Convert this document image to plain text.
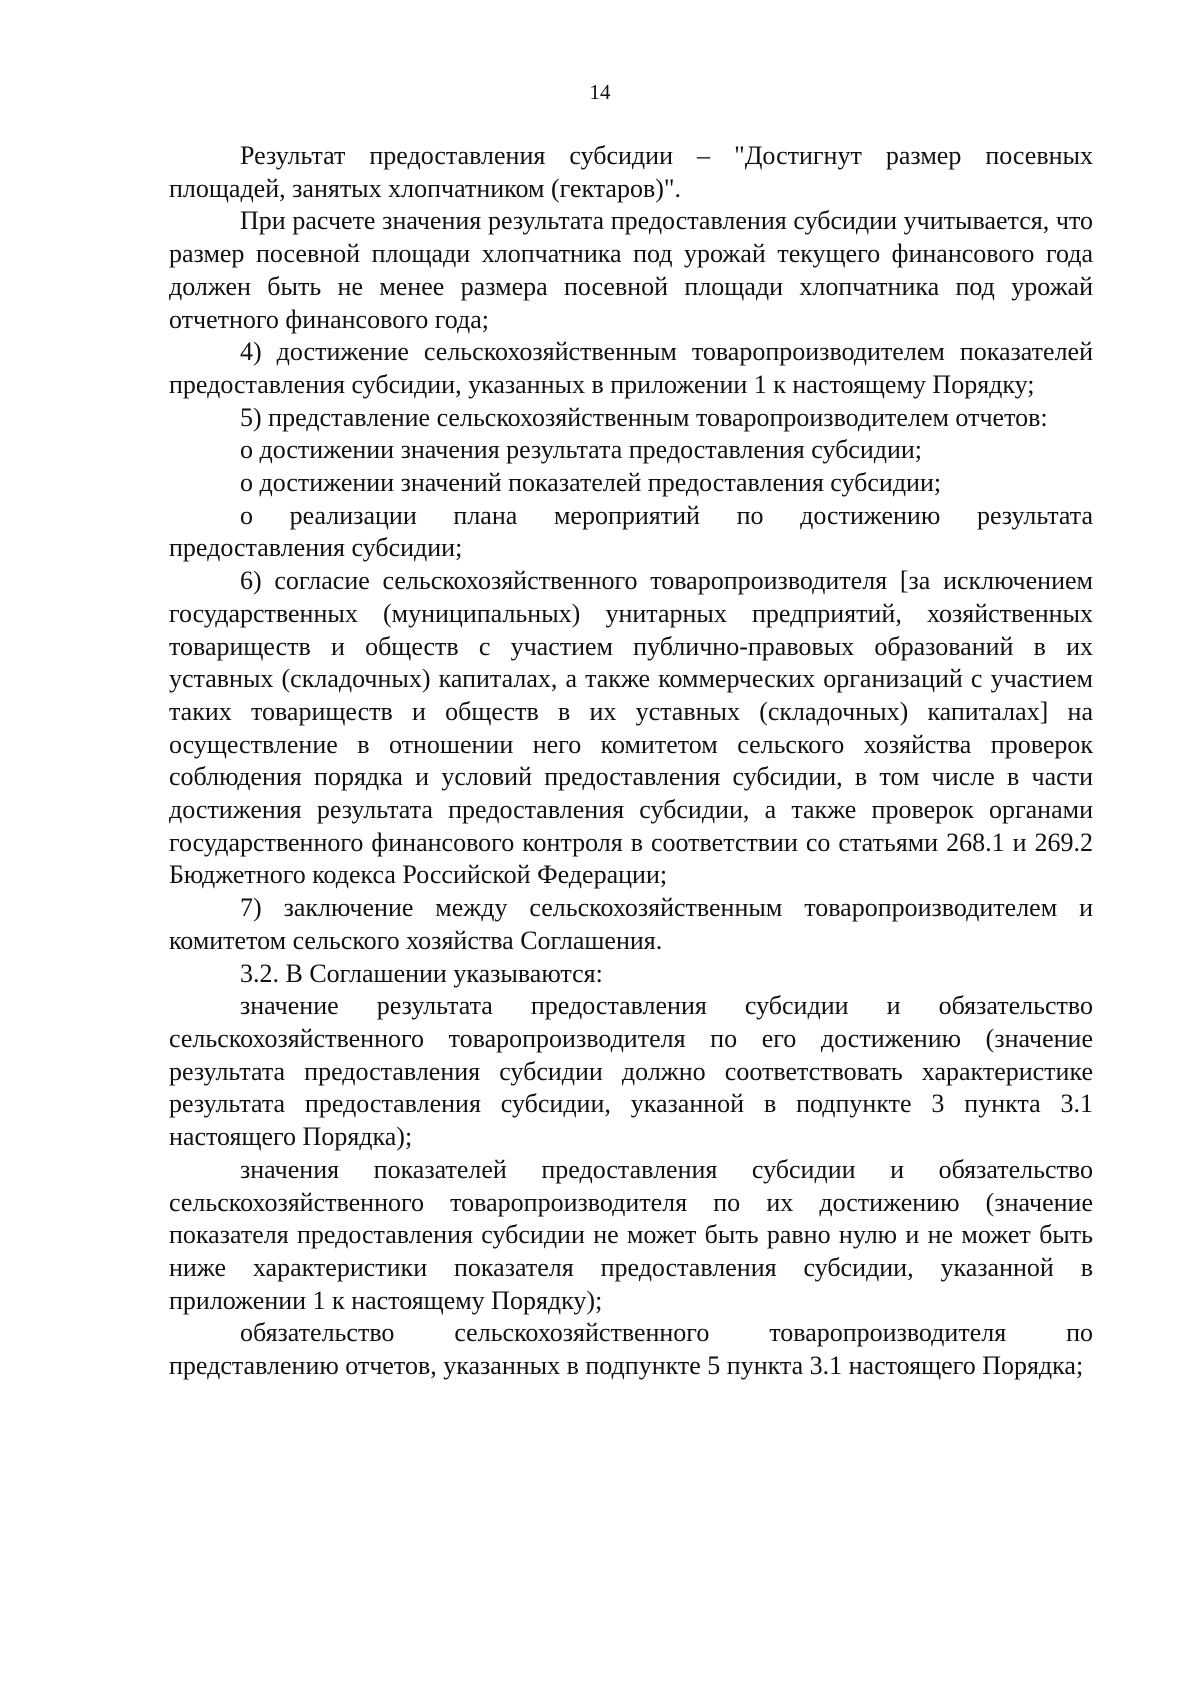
14

Результат предоставления субсидии – "Достигнут размер посевных площадей, занятых хлопчатником (гектаров)".

При расчете значения результата предоставления субсидии учитывается, что размер посевной площади хлопчатника под урожай текущего финансового года должен быть не менее размера посевной площади хлопчатника под урожай отчетного финансового года;

4) достижение сельскохозяйственным товаропроизводителем показателей предоставления субсидии, указанных в приложении 1 к настоящему Порядку;

5) представление сельскохозяйственным товаропроизводителем отчетов:

о достижении значения результата предоставления субсидии;

о достижении значений показателей предоставления субсидии;

о реализации плана мероприятий по достижению результата предоставления субсидии;

6) согласие сельскохозяйственного товаропроизводителя [за исключением государственных (муниципальных) унитарных предприятий, хозяйственных товариществ и обществ с участием публично-правовых образований в их уставных (складочных) капиталах, а также коммерческих организаций с участием таких товариществ и обществ в их уставных (складочных) капиталах] на осуществление в отношении него комитетом сельского хозяйства проверок соблюдения порядка и условий предоставления субсидии, в том числе в части достижения результата предоставления субсидии, а также проверок органами государственного финансового контроля в соответствии со статьями 268.1 и 269.2 Бюджетного кодекса Российской Федерации;

7) заключение между сельскохозяйственным товаропроизводителем и комитетом сельского хозяйства Соглашения.

3.2. В Соглашении указываются:

значение результата предоставления субсидии и обязательство сельскохозяйственного товаропроизводителя по его достижению (значение результата предоставления субсидии должно соответствовать характеристике результата предоставления субсидии, указанной в подпункте 3 пункта 3.1 настоящего Порядка);

значения показателей предоставления субсидии и обязательство сельскохозяйственного товаропроизводителя по их достижению (значение показателя предоставления субсидии не может быть равно нулю и не может быть ниже характеристики показателя предоставления субсидии, указанной в приложении 1 к настоящему Порядку);

обязательство сельскохозяйственного товаропроизводителя по представлению отчетов, указанных в подпункте 5 пункта 3.1 настоящего Порядка;
